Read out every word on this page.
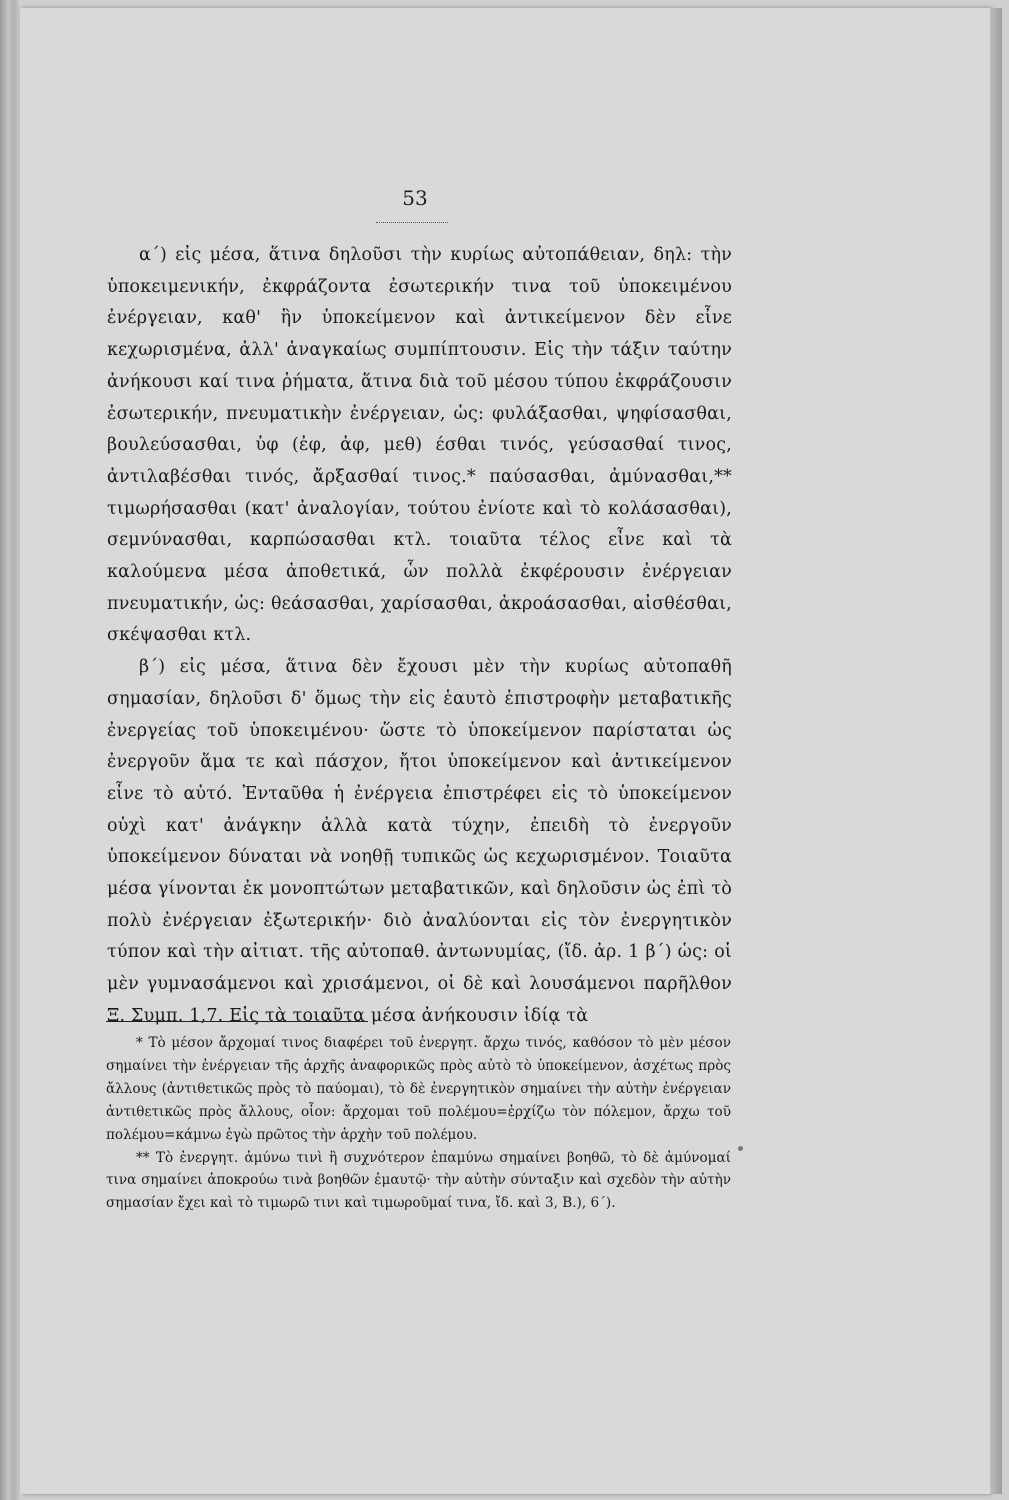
53

α΄) εἰς μέσα, ἅτινα δηλοῦσι τὴν κυρίως αὐτοπάθειαν, δηλ: τὴν ὑποκειμενικήν, ἐκφράζοντα ἐσωτερικήν τινα τοῦ ὑποκειμένου ἐνέργειαν, καθ' ἣν ὑποκείμενον καὶ ἀντικείμενον δὲν εἶνε κεχωρισμένα, ἀλλ' ἀναγκαίως συμπίπτουσιν. Εἰς τὴν τάξιν ταύτην ἀνήκουσι καί τινα ῥήματα, ἅτινα διὰ τοῦ μέσου τύπου ἐκφράζουσιν ἐσωτερικήν, πνευματικὴν ἐνέργειαν, ὡς: φυλάξασθαι, ψηφίσασθαι, βουλεύσασθαι, ὑφ (ἐφ, ἀφ, μεθ) έσθαι τινός, γεύσασθαί τινος, ἀντιλαβέσθαι τινός, ἄρξασθαί τινος.* παύσασθαι, ἀμύνασθαι,** τιμωρήσασθαι (κατ' ἀναλογίαν, τούτου ἐνίοτε καὶ τὸ κολάσασθαι), σεμνύνασθαι, καρπώσασθαι κτλ. τοιαῦτα τέλος εἶνε καὶ τὰ καλούμενα μέσα ἀποθετικά, ὧν πολλὰ ἐκφέρουσιν ἐνέργειαν πνευματικήν, ὡς: θεάσασθαι, χαρίσασθαι, ἀκροάσασθαι, αἰσθέσθαι, σκέψασθαι κτλ.

β΄) εἰς μέσα, ἅτινα δὲν ἔχουσι μὲν τὴν κυρίως αὐτοπαθῆ σημασίαν, δηλοῦσι δ' ὅμως τὴν εἰς ἑαυτὸ ἐπιστροφὴν μεταβατικῆς ἐνεργείας τοῦ ὑποκειμένου· ὥστε τὸ ὑποκείμενον παρίσταται ὡς ἐνεργοῦν ἅμα τε καὶ πάσχον, ἤτοι ὑποκείμενον καὶ ἀντικείμενον εἶνε τὸ αὐτό. Ἐνταῦθα ἡ ἐνέργεια ἐπιστρέφει εἰς τὸ ὑποκείμενον οὐχὶ κατ' ἀνάγκην ἀλλὰ κατὰ τύχην, ἐπειδὴ τὸ ἐνεργοῦν ὑποκείμενον δύναται νὰ νοηθῇ τυπικῶς ὡς κεχωρισμένον. Τοιαῦτα μέσα γίνονται ἐκ μονοπτώτων μεταβατικῶν, καὶ δηλοῦσιν ὡς ἐπὶ τὸ πολὺ ἐνέργειαν ἐξωτερικήν· διὸ ἀναλύονται εἰς τὸν ἐνεργητικὸν τύπον καὶ τὴν αἰτιατ. τῆς αὐτοπαθ. ἀντωνυμίας, (ἴδ. ἀρ. 1 β΄) ὡς: οἱ μὲν γυμνασάμενοι καὶ χρισάμενοι, οἱ δὲ καὶ λουσάμενοι παρῆλθον Ξ. Συμπ. 1,7. Εἰς τὰ τοιαῦτα μέσα ἀνήκουσιν ἰδίᾳ τὰ

* Τὸ μέσον ἄρχομαί τινος διαφέρει τοῦ ἐνεργητ. ἄρχω τινός, καθόσον τὸ μὲν μέσον σημαίνει τὴν ἐνέργειαν τῆς ἀρχῆς ἀναφορικῶς πρὸς αὐτὸ τὸ ὑποκείμενον, ἀσχέτως πρὸς ἄλλους (ἀντιθετικῶς πρὸς τὸ παύομαι), τὸ δὲ ἐνεργητικὸν σημαίνει τὴν αὐτὴν ἐνέργειαν ἀντιθετικῶς πρὸς ἄλλους, οἷον: ἄρχομαι τοῦ πολέμου=ἐρχίζω τὸν πόλεμον, ἄρχω τοῦ πολέμου=κάμνω ἐγὼ πρῶτος τὴν ἀρχὴν τοῦ πολέμου.

** Τὸ ἐνεργητ. ἀμύνω τινὶ ἢ συχνότερον ἐπαμύνω σημαίνει βοηθῶ, τὸ δὲ ἀμύνομαί τινα σημαίνει ἀποκρούω τινὰ βοηθῶν ἐμαυτῷ· τὴν αὐτὴν σύνταξιν καὶ σχεδὸν τὴν αὐτὴν σημασίαν ἔχει καὶ τὸ τιμωρῶ τινι καὶ τιμωροῦμαί τινα, ἴδ. καὶ 3, Β.), 6΄).
